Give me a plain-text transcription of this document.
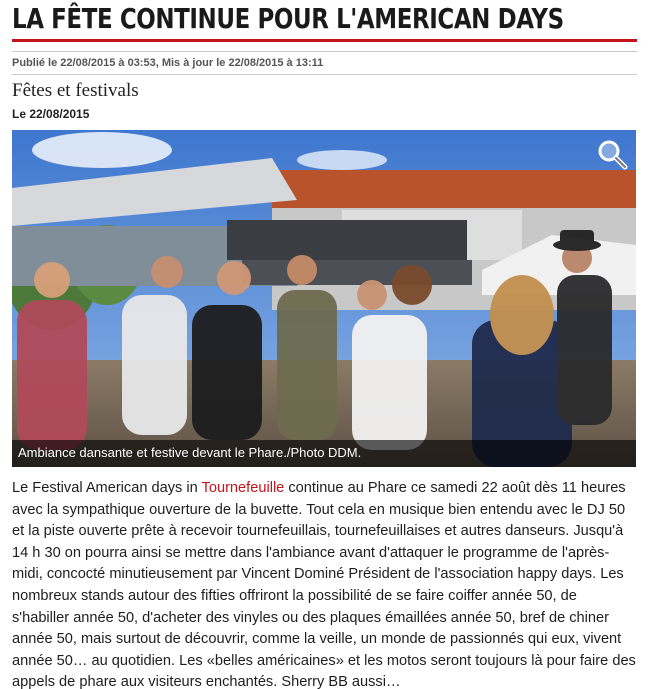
LA FÊTE CONTINUE POUR L'AMERICAN DAYS
Publié le 22/08/2015 à 03:53, Mis à jour le 22/08/2015 à 13:11
Fêtes et festivals
Le 22/08/2015
Ambiance dansante et festive devant le Phare./Photo DDM.
Le Festival American days in Tournefeuille continue au Phare ce samedi 22 août dès 11 heures avec la sympathique ouverture de la buvette. Tout cela en musique bien entendu avec le DJ 50 et la piste ouverte prête à recevoir tournefeuillais, tournefeuillaises et autres danseurs. Jusqu'à 14 h 30 on pourra ainsi se mettre dans l'ambiance avant d'attaquer le programme de l'après-midi, concocté minutieusement par Vincent Dominé Président de l'association happy days. Les nombreux stands autour des fifties offriront la possibilité de se faire coiffer année 50, de s'habiller année 50, d'acheter des vinyles ou des plaques émaillées année 50, bref de chiner année 50, mais surtout de découvrir, comme la veille, un monde de passionnés qui eux, vivent année 50… au quotidien. Les «belles américaines» et les motos seront toujours là pour faire des appels de phare aux visiteurs enchantés. Sherry BB aussi…
